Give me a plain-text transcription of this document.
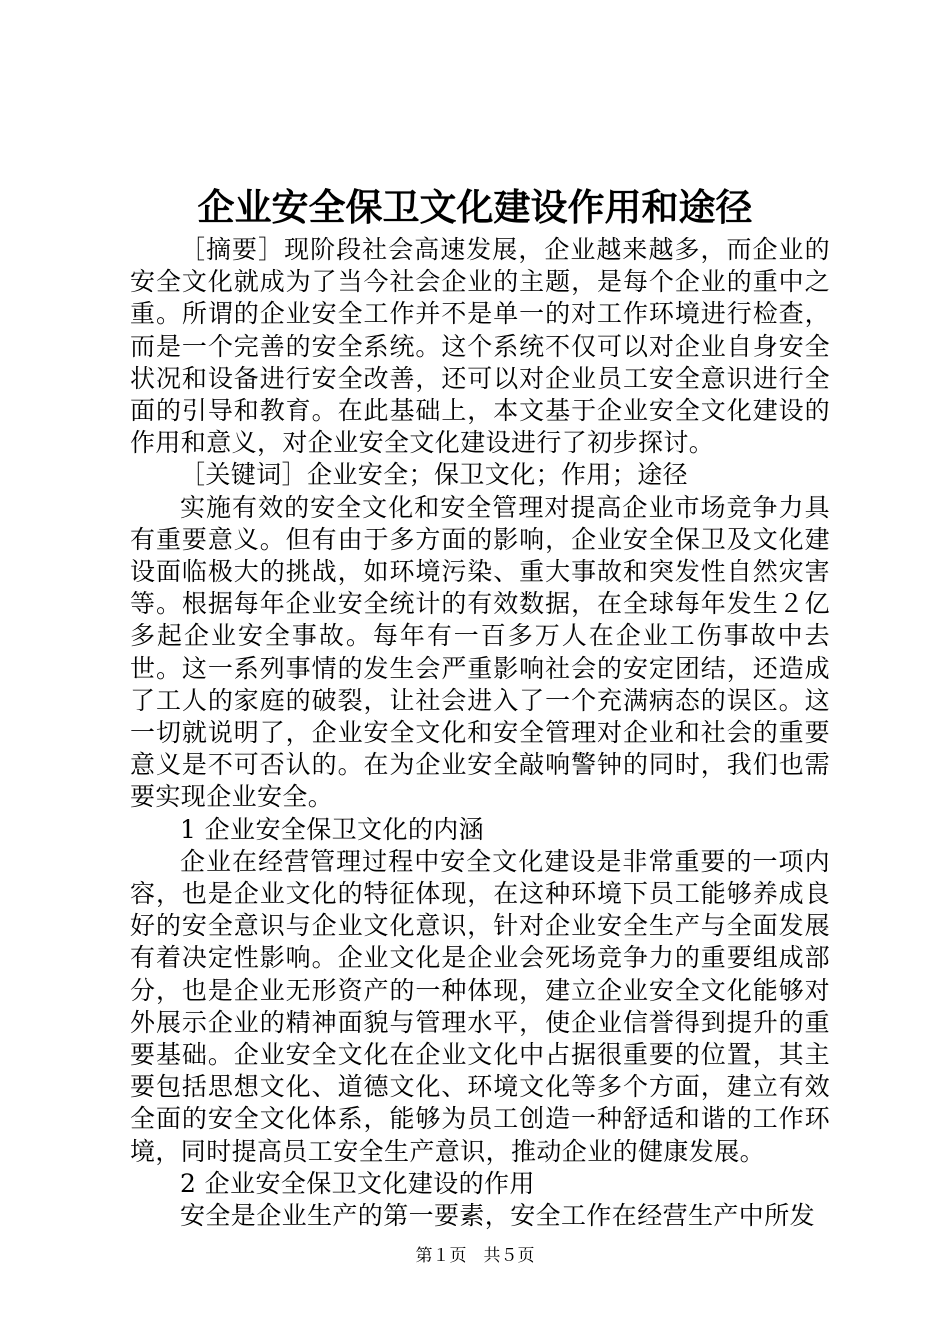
企业安全保卫文化建设作用和途径

［摘要］现阶段社会高速发展，企业越来越多，而企业的安全文化就成为了当今社会企业的主题，是每个企业的重中之重。所谓的企业安全工作并不是单一的对工作环境进行检查，而是一个完善的安全系统。这个系统不仅可以对企业自身安全状况和设备进行安全改善，还可以对企业员工安全意识进行全面的引导和教育。在此基础上，本文基于企业安全文化建设的作用和意义，对企业安全文化建设进行了初步探讨。

［关键词］企业安全；保卫文化；作用；途径

实施有效的安全文化和安全管理对提高企业市场竞争力具有重要意义。但有由于多方面的影响，企业安全保卫及文化建设面临极大的挑战，如环境污染、重大事故和突发性自然灾害等。根据每年企业安全统计的有效数据，在全球每年发生２亿多起企业安全事故。每年有一百多万人在企业工伤事故中去世。这一系列事情的发生会严重影响社会的安定团结，还造成了工人的家庭的破裂，让社会进入了一个充满病态的误区。这一切就说明了，企业安全文化和安全管理对企业和社会的重要意义是不可否认的。在为企业安全敲响警钟的同时，我们也需要实现企业安全。

1 企业安全保卫文化的内涵

企业在经营管理过程中安全文化建设是非常重要的一项内容，也是企业文化的特征体现，在这种环境下员工能够养成良好的安全意识与企业文化意识，针对企业安全生产与全面发展有着决定性影响。企业文化是企业会死场竞争力的重要组成部分，也是企业无形资产的一种体现，建立企业安全文化能够对外展示企业的精神面貌与管理水平，使企业信誉得到提升的重要基础。企业安全文化在企业文化中占据很重要的位置，其主要包括思想文化、道德文化、环境文化等多个方面，建立有效全面的安全文化体系，能够为员工创造一种舒适和谐的工作环境，同时提高员工安全生产意识，推动企业的健康发展。

2 企业安全保卫文化建设的作用

安全是企业生产的第一要素，安全工作在经营生产中所发

第１页　共５页
